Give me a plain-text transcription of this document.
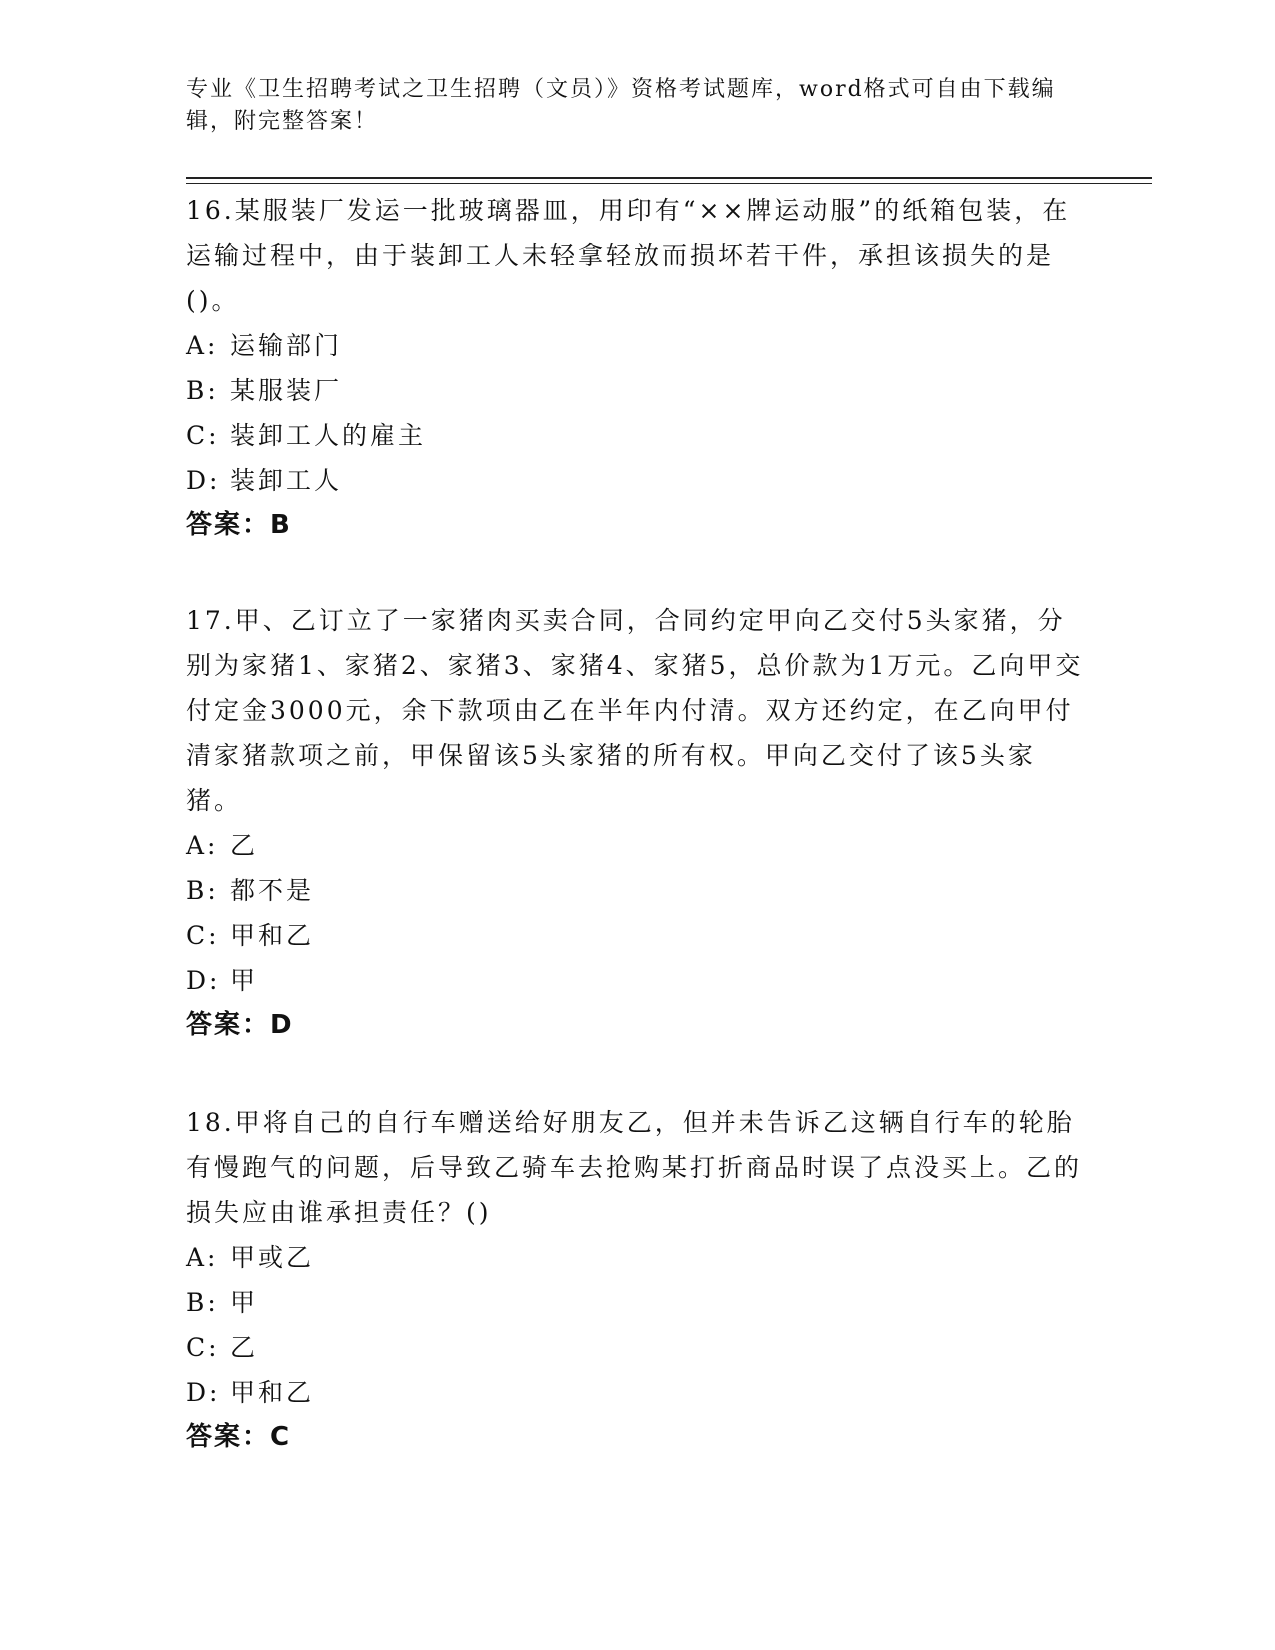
专业《卫生招聘考试之卫生招聘（文员）》资格考试题库，word格式可自由下载编辑，附完整答案！

16.某服装厂发运一批玻璃器皿，用印有“××牌运动服”的纸箱包装，在运输过程中，由于装卸工人未轻拿轻放而损坏若干件，承担该损失的是()。

A: 运输部门

B: 某服装厂

C: 装卸工人的雇主

D: 装卸工人

答案：B

17.甲、乙订立了一家猪肉买卖合同，合同约定甲向乙交付5头家猪，分别为家猪1、家猪2、家猪3、家猪4、家猪5，总价款为1万元。乙向甲交付定金3000元，余下款项由乙在半年内付清。双方还约定，在乙向甲付清家猪款项之前，甲保留该5头家猪的所有权。甲向乙交付了该5头家猪。

A: 乙

B: 都不是

C: 甲和乙

D: 甲

答案：D

18.甲将自己的自行车赠送给好朋友乙，但并未告诉乙这辆自行车的轮胎有慢跑气的问题，后导致乙骑车去抢购某打折商品时误了点没买上。乙的损失应由谁承担责任？()

A: 甲或乙

B: 甲

C: 乙

D: 甲和乙

答案：C
